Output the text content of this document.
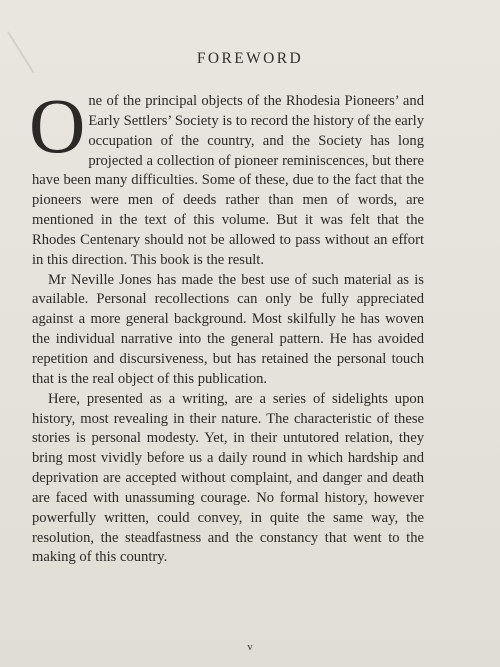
FOREWORD

One of the principal objects of the Rhodesia Pioneers’ and Early Settlers’ Society is to record the history of the early occupation of the country, and the Society has long projected a collection of pioneer reminiscences, but there have been many difficulties. Some of these, due to the fact that the pioneers were men of deeds rather than men of words, are mentioned in the text of this volume. But it was felt that the Rhodes Centenary should not be allowed to pass without an effort in this direction. This book is the result.

Mr Neville Jones has made the best use of such material as is available. Personal recollections can only be fully appreciated against a more general background. Most skilfully he has woven the individual narrative into the general pattern. He has avoided repetition and discursiveness, but has retained the personal touch that is the real object of this publication.

Here, presented as a writing, are a series of sidelights upon history, most revealing in their nature. The characteristic of these stories is personal modesty. Yet, in their untutored relation, they bring most vividly before us a daily round in which hardship and deprivation are accepted without complaint, and danger and death are faced with unassuming courage. No formal history, however powerfully written, could convey, in quite the same way, the resolution, the steadfastness and the constancy that went to the making of this country.

v
